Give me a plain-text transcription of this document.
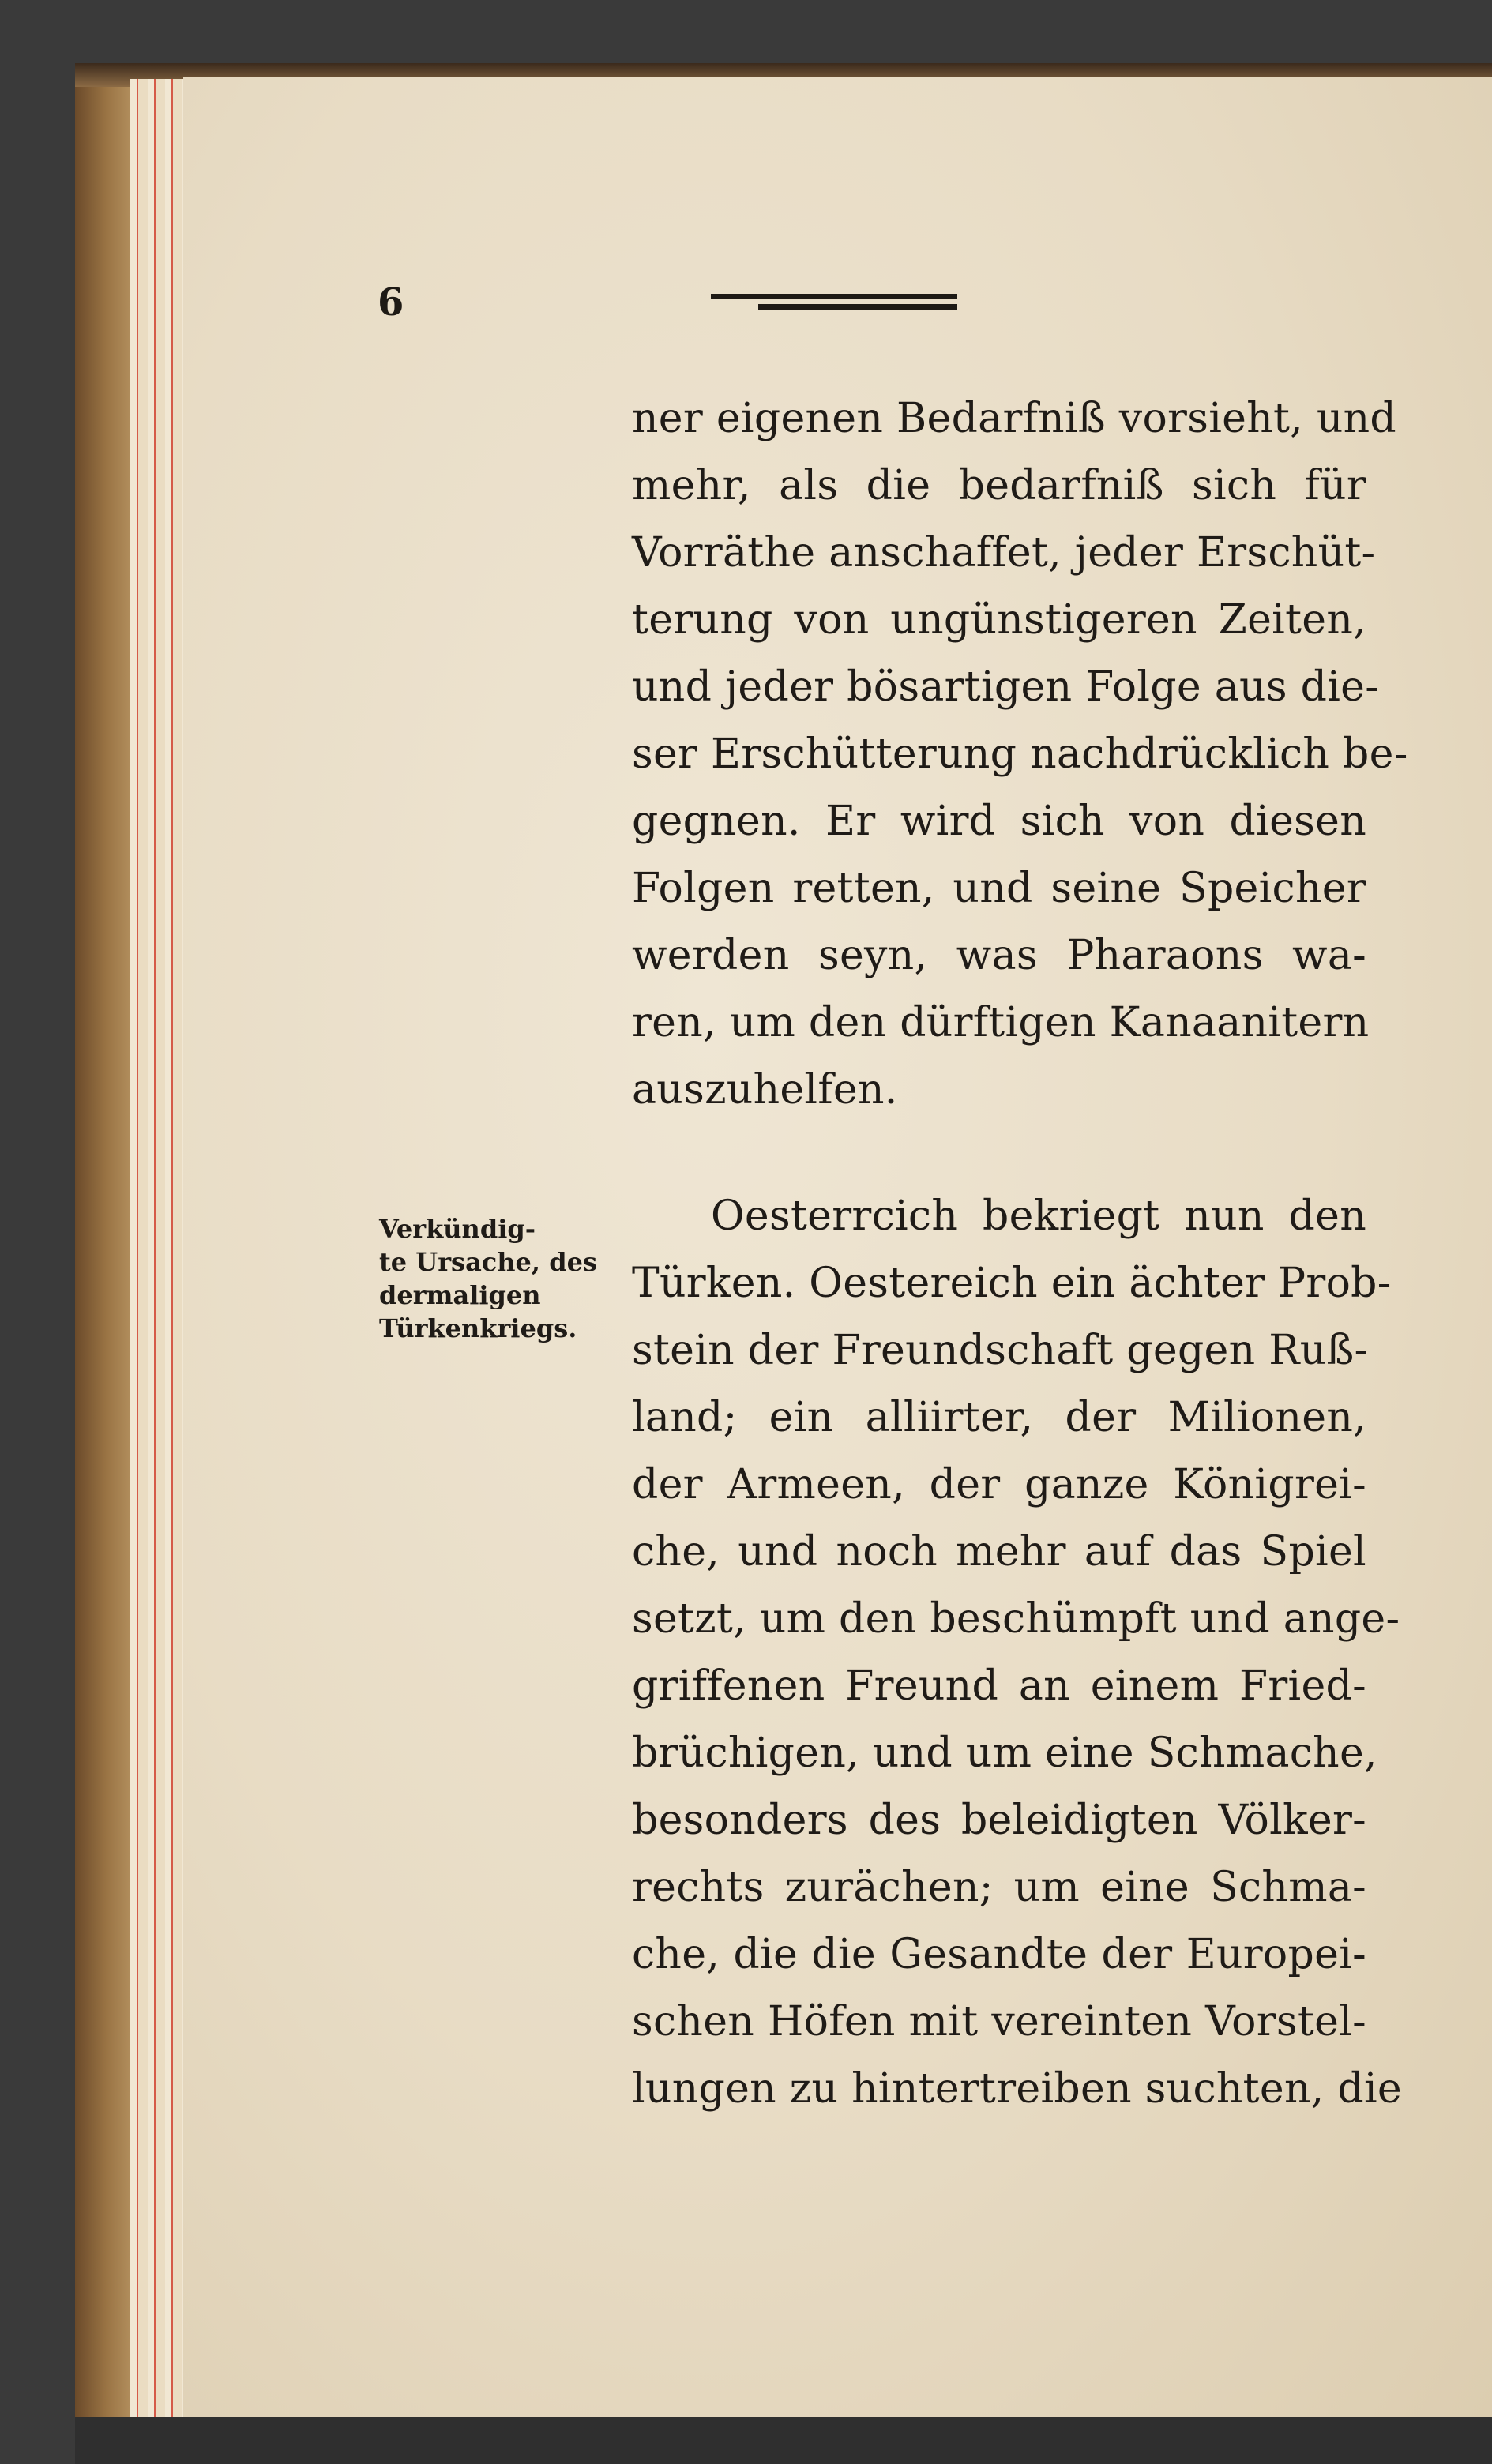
6
Verkündig-
te Ursache, des
dermaligen
Türkenkriegs.
ner eigenen Bedarfniß vorsieht, und
mehr, als die bedarfniß sich für
Vorräthe anschaffet, jeder Erschüt-
terung von ungünstigeren Zeiten,
und jeder bösartigen Folge aus die-
ser Erschütterung nachdrücklich be-
gegnen. Er wird sich von diesen
Folgen retten, und seine Speicher
werden seyn, was Pharaons wa-
ren, um den dürftigen Kanaanitern
auszuhelfen.
Oesterrcich bekriegt nun den
Türken. Oestereich ein ächter Prob-
stein der Freundschaft gegen Ruß-
land; ein alliirter, der Milionen,
der Armeen, der ganze Königrei-
che, und noch mehr auf das Spiel
setzt, um den beschümpft und ange-
griffenen Freund an einem Fried-
brüchigen, und um eine Schmache,
besonders des beleidigten Völker-
rechts zurächen; um eine Schma-
che, die die Gesandte der Europei-
schen Höfen mit vereinten Vorstel-
lungen zu hintertreiben suchten, die
